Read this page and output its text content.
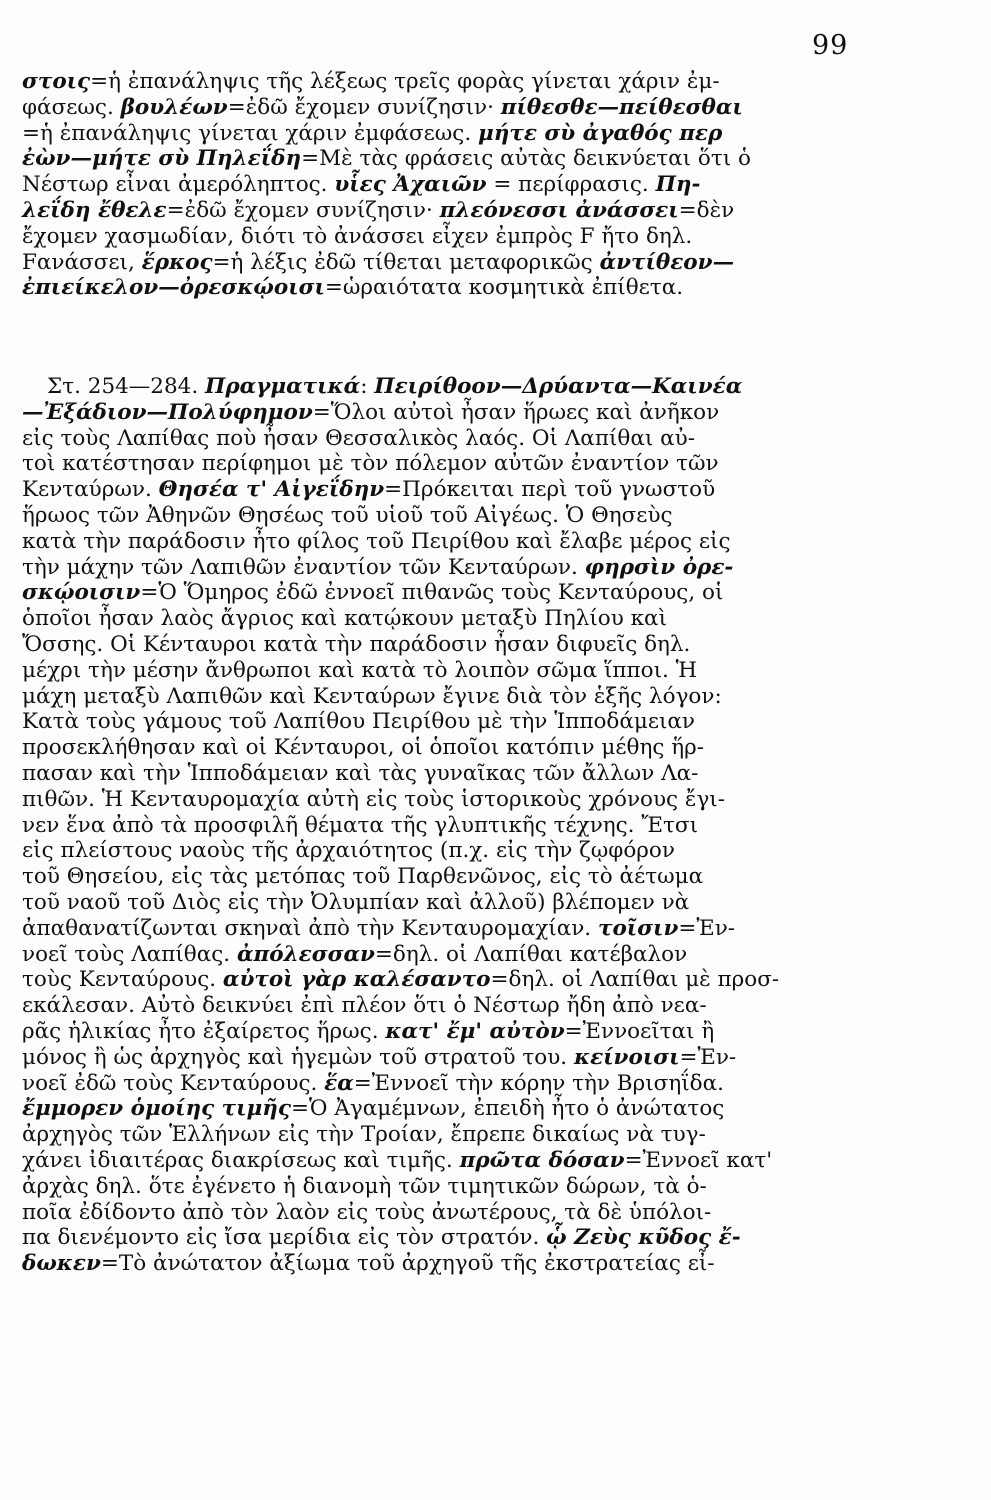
99
στοις=ἡ ἐπανάληψις τῆς λέξεως τρεῖς φορὰς γίνεται χάριν ἐμ-
φάσεως. βουλέων=ἐδῶ ἔχομεν συνίζησιν· πίθεσθε—πείθεσθαι
=ἡ ἐπανάληψις γίνεται χάριν ἐμφάσεως. μήτε σὺ ἀγαθός περ
ἐὼν—μήτε σὺ Πηλεΐδη=Μὲ τὰς φράσεις αὐτὰς δεικνύεται ὅτι ὁ
Νέστωρ εἶναι ἀμερόληπτος. υἷες Ἀχαιῶν = περίφρασις. Πη-
λεΐδη ἔθελε=ἐδῶ ἔχομεν συνίζησιν· πλεόνεσσι ἀνάσσει=δὲν
ἔχομεν χασμωδίαν, διότι τὸ ἀνάσσει εἶχεν ἐμπρὸς F ἤτο δηλ.
Fανάσσει, ἕρκος=ἡ λέξις ἐδῶ τίθεται μεταφορικῶς ἀντίθεον—
ἐπιείκελον—ὀρεσκῴοισι=ὡραιότατα κοσμητικὰ ἐπίθετα.
Στ. 254—284. Πραγματικά: Πειρίθοον—Δρύαντα—Καινέα
—Ἐξάδιον—Πολύφημον=Ὅλοι αὐτοὶ ἦσαν ἥρωες καὶ ἀνῆκον
εἰς τοὺς Λαπίθας ποὺ ἦσαν Θεσσαλικὸς λαός. Οἱ Λαπίθαι αὐ-
τοὶ κατέστησαν περίφημοι μὲ τὸν πόλεμον αὐτῶν ἐναντίον τῶν
Κενταύρων. Θησέα τ' Αἰγεΐδην=Πρόκειται περὶ τοῦ γνωστοῦ
ἥρωος τῶν Ἀθηνῶν Θησέως τοῦ υἱοῦ τοῦ Αἰγέως. Ὁ Θησεὺς
κατὰ τὴν παράδοσιν ἦτο φίλος τοῦ Πειρίθου καὶ ἔλαβε μέρος εἰς
τὴν μάχην τῶν Λαπιθῶν ἐναντίον τῶν Κενταύρων. φηρσὶν ὀρε-
σκῴοισιν=Ὁ Ὅμηρος ἐδῶ ἐννοεῖ πιθανῶς τοὺς Κενταύρους, οἱ
ὁποῖοι ἦσαν λαὸς ἄγριος καὶ κατῴκουν μεταξὺ Πηλίου καὶ
Ὄσσης. Οἱ Κένταυροι κατὰ τὴν παράδοσιν ἦσαν διφυεῖς δηλ.
μέχρι τὴν μέσην ἄνθρωποι καὶ κατὰ τὸ λοιπὸν σῶμα ἵπποι. Ἡ
μάχη μεταξὺ Λαπιθῶν καὶ Κενταύρων ἔγινε διὰ τὸν ἑξῆς λόγον:
Κατὰ τοὺς γάμους τοῦ Λαπίθου Πειρίθου μὲ τὴν Ἱπποδάμειαν
προσεκλήθησαν καὶ οἱ Κένταυροι, οἱ ὁποῖοι κατόπιν μέθης ἥρ-
πασαν καὶ τὴν Ἱπποδάμειαν καὶ τὰς γυναῖκας τῶν ἄλλων Λα-
πιθῶν. Ἡ Κενταυρομαχία αὐτὴ εἰς τοὺς ἱστορικοὺς χρόνους ἔγι-
νεν ἕνα ἀπὸ τὰ προσφιλῆ θέματα τῆς γλυπτικῆς τέχνης. Ἔτσι
εἰς πλείστους ναοὺς τῆς ἀρχαιότητος (π.χ. εἰς τὴν ζῳφόρον
τοῦ Θησείου, εἰς τὰς μετόπας τοῦ Παρθενῶνος, εἰς τὸ ἀέτωμα
τοῦ ναοῦ τοῦ Διὸς εἰς τὴν Ὀλυμπίαν καὶ ἀλλοῦ) βλέπομεν νὰ
ἀπαθανατίζωνται σκηναὶ ἀπὸ τὴν Κενταυρομαχίαν. τοῖσιν=Ἐν-
νοεῖ τοὺς Λαπίθας. ἀπόλεσσαν=δηλ. οἱ Λαπίθαι κατέβαλον
τοὺς Κενταύρους. αὐτοὶ γὰρ καλέσαντο=δηλ. οἱ Λαπίθαι μὲ προσ-
εκάλεσαν. Αὐτὸ δεικνύει ἐπὶ πλέον ὅτι ὁ Νέστωρ ἤδη ἀπὸ νεα-
ρᾶς ἡλικίας ἦτο ἐξαίρετος ἥρως. κατ' ἔμ' αὐτὸν=Ἐννοεῖται ἢ
μόνος ἢ ὡς ἀρχηγὸς καὶ ἡγεμὼν τοῦ στρατοῦ του. κείνοισι=Ἐν-
νοεῖ ἐδῶ τοὺς Κενταύρους. ἕα=Ἐννοεῖ τὴν κόρην τὴν Βρισηΐδα.
ἔμμορεν ὁμοίης τιμῆς=Ὁ Ἀγαμέμνων, ἐπειδὴ ἦτο ὁ ἀνώτατος
ἀρχηγὸς τῶν Ἑλλήνων εἰς τὴν Τροίαν, ἔπρεπε δικαίως νὰ τυγ-
χάνει ἰδιαιτέρας διακρίσεως καὶ τιμῆς. πρῶτα δόσαν=Ἐννοεῖ κατ'
ἀρχὰς δηλ. ὅτε ἐγένετο ἡ διανομὴ τῶν τιμητικῶν δώρων, τὰ ὁ-
ποῖα ἐδίδοντο ἀπὸ τὸν λαὸν εἰς τοὺς ἀνωτέρους, τὰ δὲ ὑπόλοι-
πα διενέμοντο εἰς ἴσα μερίδια εἰς τὸν στρατόν. ᾧ Ζεὺς κῦδος ἔ-
δωκεν=Τὸ ἀνώτατον ἀξίωμα τοῦ ἀρχηγοῦ τῆς ἐκστρατείας εἶ-
